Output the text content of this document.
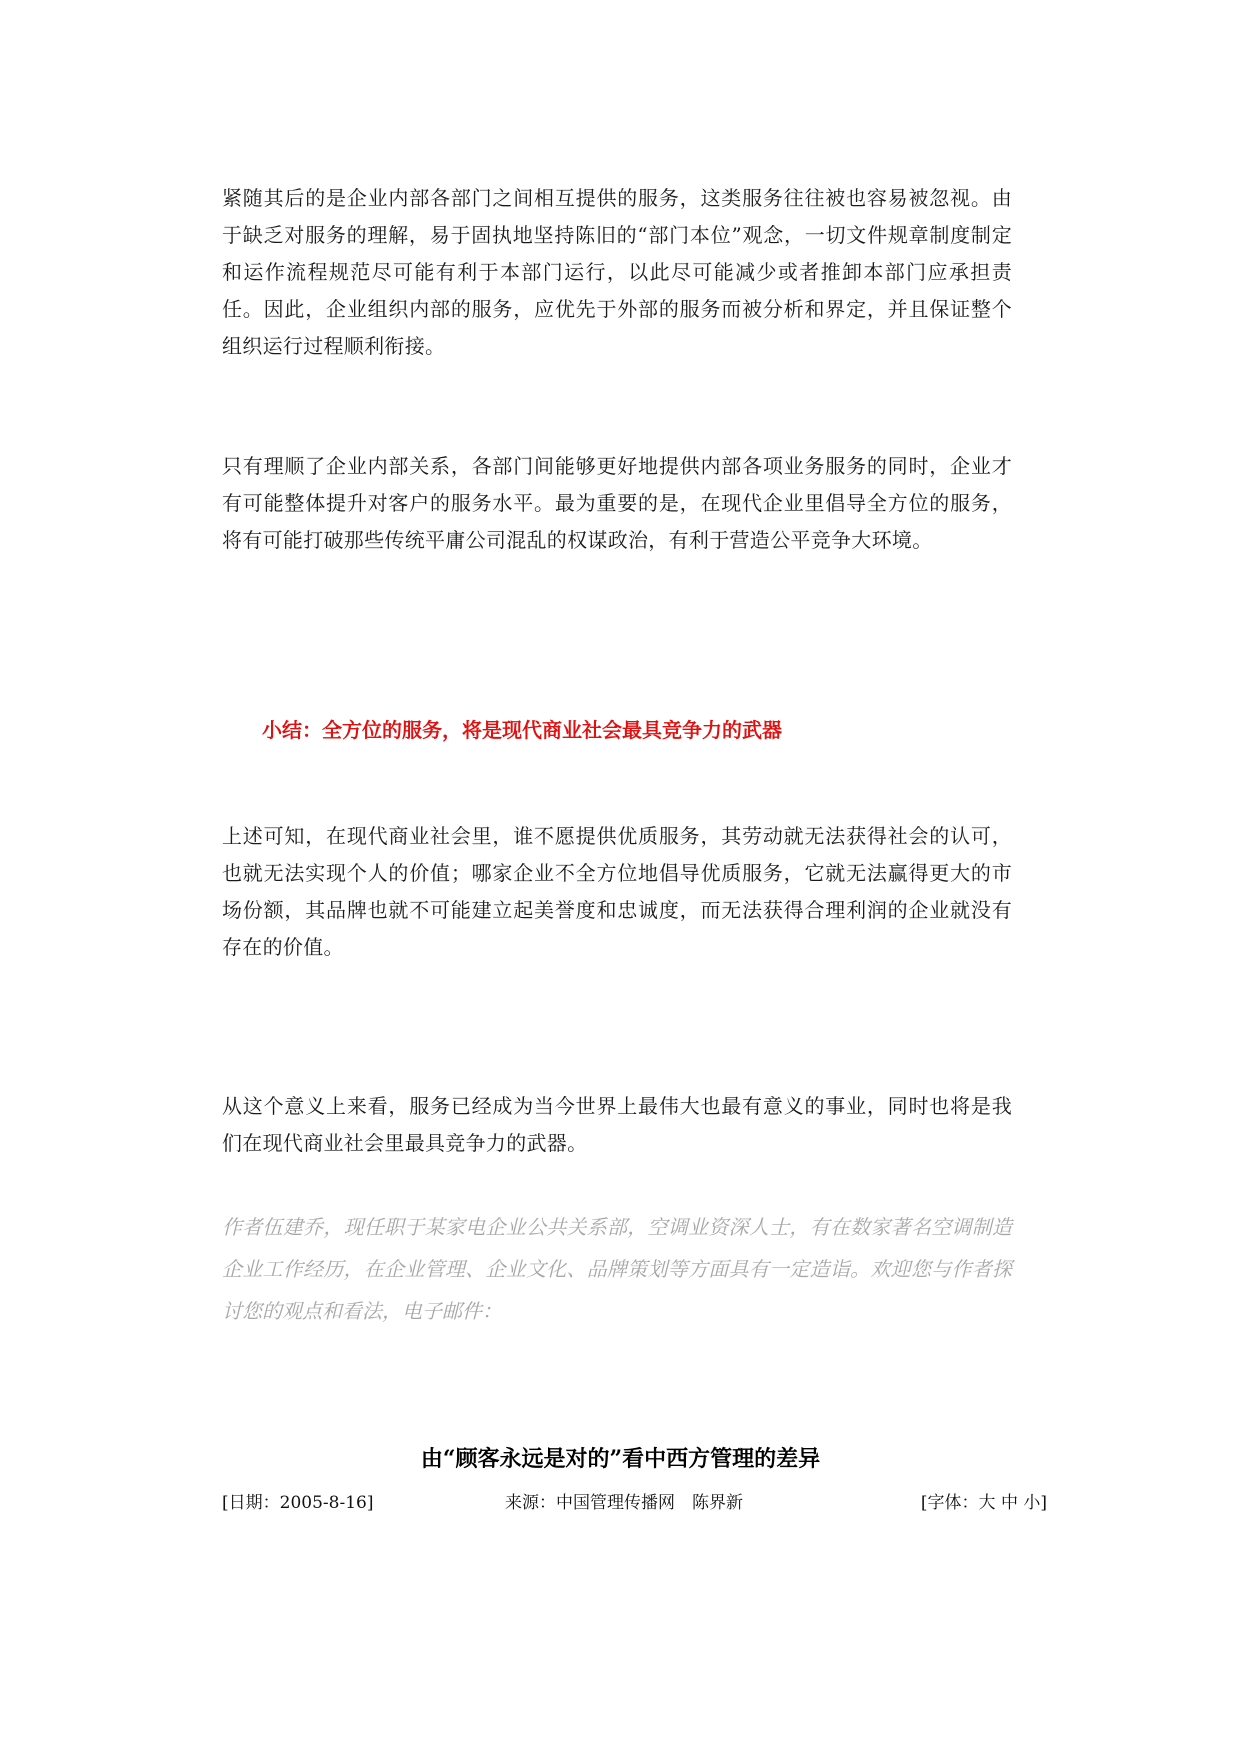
紧随其后的是企业内部各部门之间相互提供的服务，这类服务往往被也容易被忽视。由于缺乏对服务的理解，易于固执地坚持陈旧的“部门本位”观念，一切文件规章制度制定和运作流程规范尽可能有利于本部门运行，以此尽可能减少或者推卸本部门应承担责任。因此，企业组织内部的服务，应优先于外部的服务而被分析和界定，并且保证整个组织运行过程顺利衔接。

只有理顺了企业内部关系，各部门间能够更好地提供内部各项业务服务的同时，企业才有可能整体提升对客户的服务水平。最为重要的是，在现代企业里倡导全方位的服务，将有可能打破那些传统平庸公司混乱的权谋政治，有利于营造公平竞争大环境。

小结：全方位的服务，将是现代商业社会最具竞争力的武器

上述可知，在现代商业社会里，谁不愿提供优质服务，其劳动就无法获得社会的认可，也就无法实现个人的价值；哪家企业不全方位地倡导优质服务，它就无法赢得更大的市场份额，其品牌也就不可能建立起美誉度和忠诚度，而无法获得合理利润的企业就没有存在的价值。

从这个意义上来看，服务已经成为当今世界上最伟大也最有意义的事业，同时也将是我们在现代商业社会里最具竞争力的武器。

作者伍建乔，现任职于某家电企业公共关系部，空调业资深人士，有在数家著名空调制造企业工作经历，在企业管理、企业文化、品牌策划等方面具有一定造诣。欢迎您与作者探讨您的观点和看法，电子邮件：

由“顾客永远是对的”看中西方管理的差异
[日期：2005-8-16]	来源：中国管理传播网　陈界新	[字体：大 中 小]
